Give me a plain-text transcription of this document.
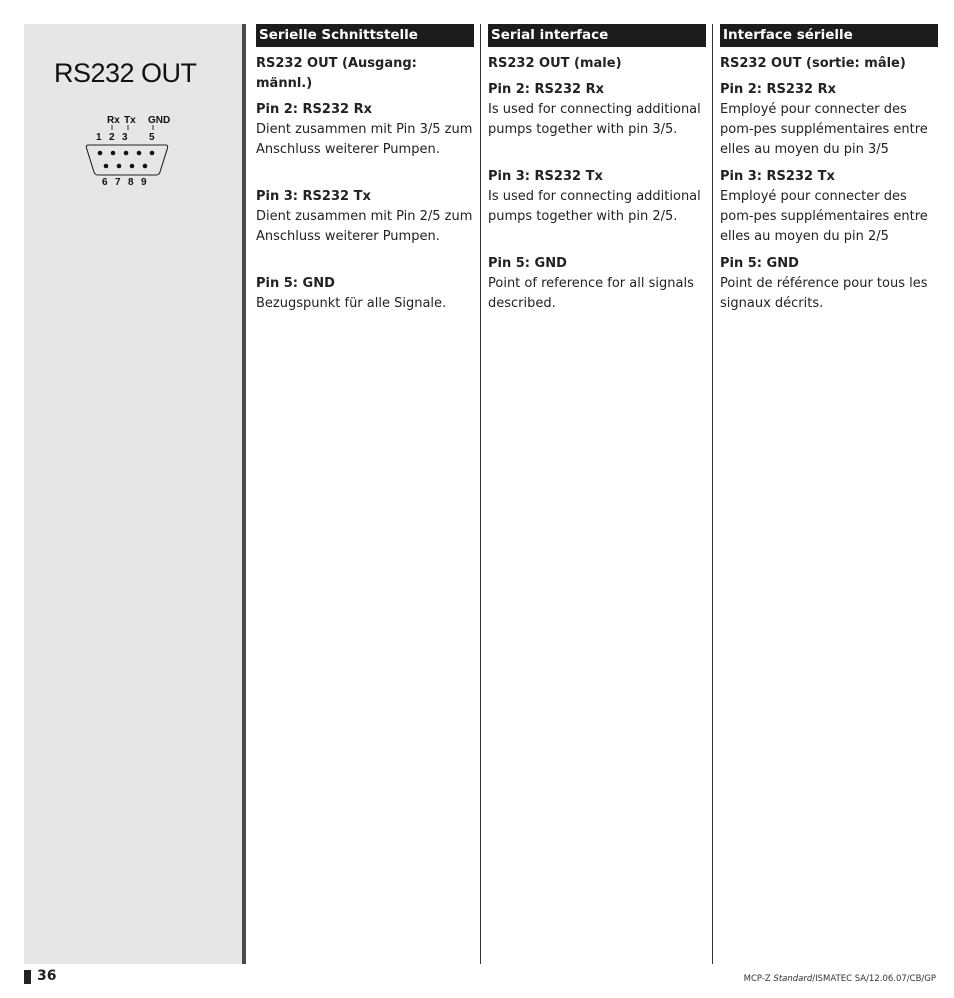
RS232 OUT
Rx Tx GND
1 2 3 5
6 7 8 9
Serielle Schnittstelle
RS232 OUT (Ausgang: männl.)
Pin 2: RS232 Rx

Dient zusammen mit Pin 3/5 zum Anschluss weiterer Pumpen.

Pin 3: RS232 Tx

Dient zusammen mit Pin 2/5 zum Anschluss weiterer Pumpen.

Pin 5: GND

Bezugspunkt für alle Signale.

Serial interface
RS232 OUT (male)
Pin 2: RS232 Rx

Is used for connecting additional pumps together with pin 3/5.

Pin 3: RS232 Tx

Is used for connecting additional pumps together with pin 2/5.

Pin 5: GND

Point of reference for all signals described.

Interface sérielle
RS232 OUT (sortie: mâle)
Pin 2: RS232 Rx

Employé pour connecter des pom-pes supplémentaires entre elles au moyen du pin 3/5

Pin 3: RS232 Tx

Employé pour connecter des pom-pes supplémentaires entre elles au moyen du pin 2/5

Pin 5: GND

Point de référence pour tous les signaux décrits.

36	MCP-Z Standard/ISMATEC SA/12.06.07/CB/GP
